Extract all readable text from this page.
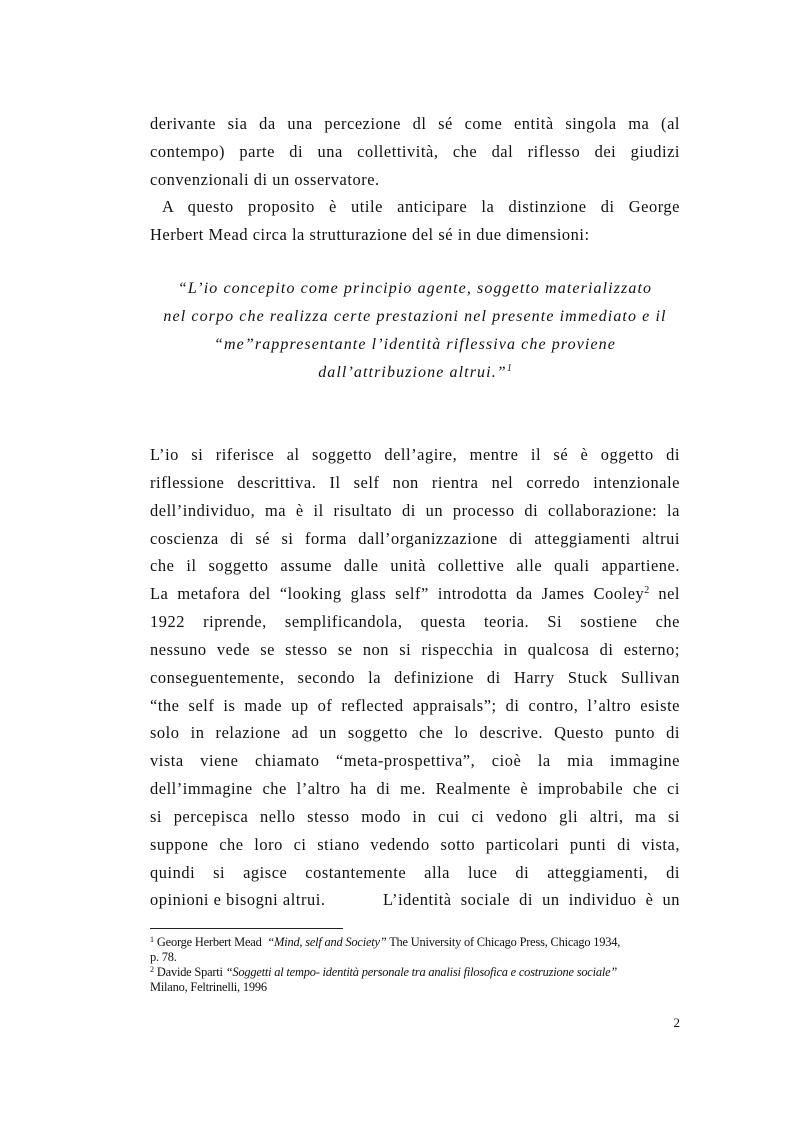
derivante sia da una percezione dl sé come entità singola ma (al
contempo) parte di una collettività, che dal riflesso dei giudizi
convenzionali di un osservatore.
A questo proposito è utile anticipare la distinzione di George
Herbert Mead circa la strutturazione del sé in due dimensioni:
“L’io concepito come principio agente, soggetto materializzato
nel corpo che realizza certe prestazioni nel presente immediato e il
“me”rappresentante l’identità riflessiva che proviene
dall’attribuzione altrui.”$^1$
L’io si riferisce al soggetto dell’agire, mentre il sé è oggetto di
riflessione descrittiva. Il self non rientra nel corredo intenzionale
dell’individuo, ma è il risultato di un processo di collaborazione: la
coscienza di sé si forma dall’organizzazione di atteggiamenti altrui
che il soggetto assume dalle unità collettive alle quali appartiene.
La metafora del “looking glass self” introdotta da James Cooley$^2$ nel
1922 riprende, semplificandola, questa teoria. Si sostiene che
nessuno vede se stesso se non si rispecchia in qualcosa di esterno;
conseguentemente, secondo la definizione di Harry Stuck Sullivan
“the self is made up of reflected appraisals”; di contro, l’altro esiste
solo in relazione ad un soggetto che lo descrive. Questo punto di
vista viene chiamato “meta-prospettiva”, cioè la mia immagine
dell’immagine che l’altro ha di me. Realmente è improbabile che ci
si percepisca nello stesso modo in cui ci vedono gli altri, ma si
suppone che loro ci stiano vedendo sotto particolari punti di vista,
quindi si agisce costantemente alla luce di atteggiamenti, di
opinioni e bisogni altrui.	L’identità sociale di un individuo è un
$^1$ George Herbert Mead “Mind, self and Society” The University of Chicago Press, Chicago 1934,
p. 78.
$^2$ Davide Sparti “Soggetti al tempo- identità personale tra analisi filosofica e costruzione sociale”
Milano, Feltrinelli, 1996
2
